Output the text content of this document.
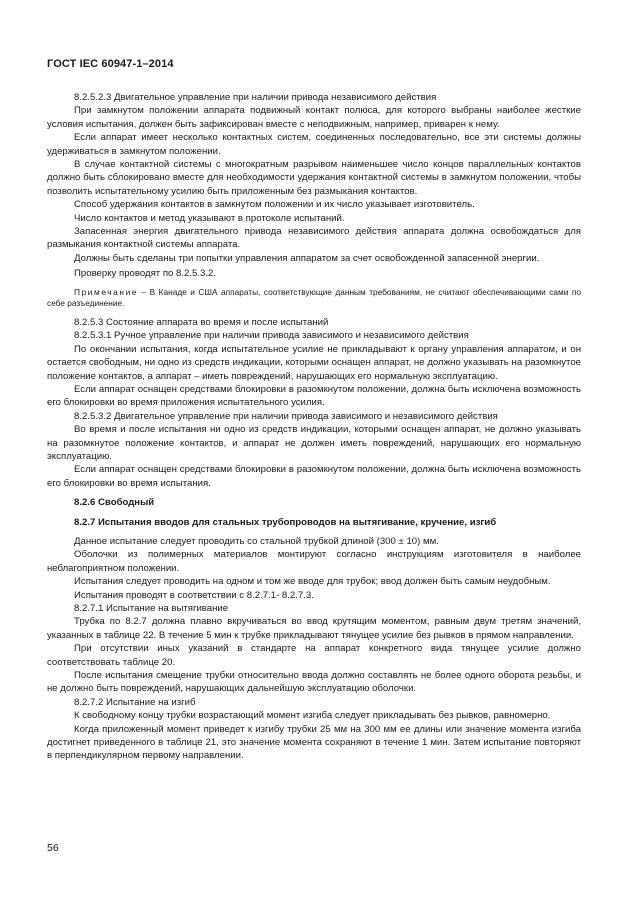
ГОСТ IEC 60947-1–2014

8.2.5.2.3 Двигательное управление при наличии привода независимого действия

При замкнутом положении аппарата подвижный контакт полюса, для которого выбраны наиболее жесткие условия испытания, должен быть зафиксирован вместе с неподвижным, например, приварен к нему.

Если аппарат имеет несколько контактных систем, соединенных последовательно, все эти системы должны удерживаться в замкнутом положении.

В случае контактной системы с многократным разрывом наименьшее число концов параллельных контактов должно быть сблокировано вместе для необходимости удержания контактной системы в замкнутом положении, чтобы позволить испытательному усилию быть приложенным без размыкания контактов.

Способ удержания контактов в замкнутом положении и их число указывает изготовитель.

Число контактов и метод указывают в протоколе испытаний.

Запасенная энергия двигательного привода независимого действия аппарата должна освобождаться для размыкания контактной системы аппарата.

Должны быть сделаны три попытки управления аппаратом за счет освобожденной запасенной энергии.

Проверку проводят по 8.2.5.3.2.

Примечание – В Канаде и США аппараты, соответствующие данным требованиям, не считают обеспечивающими сами по себе разъединение.

8.2.5.3 Состояние аппарата во время и после испытаний

8.2.5.3.1 Ручное управление при наличии привода зависимого и независимого действия

По окончании испытания, когда испытательное усилие не прикладывают к органу управления аппаратом, и он остается свободным, ни одно из средств индикации, которыми оснащен аппарат, не должно указывать на разомкнутое положение контактов, а аппарат – иметь повреждений, нарушающих его нормальную эксплуатацию.

Если аппарат оснащен средствами блокировки в разомкнутом положении, должна быть исключена возможность его блокировки во время приложения испытательного усилия.

8.2.5.3.2 Двигательное управление при наличии привода зависимого и независимого действия

Во время и после испытания ни одно из средств индикации, которыми оснащен аппарат, не должно указывать на разомкнутое положение контактов, и аппарат не должен иметь повреждений, нарушающих его нормальную эксплуатацию.

Если аппарат оснащен средствами блокировки в разомкнутом положении, должна быть исключена возможность его блокировки во время испытания.

8.2.6 Свободный

8.2.7 Испытания вводов для стальных трубопроводов на вытягивание, кручение, изгиб

Данное испытание следует проводить со стальной трубкой длиной (300 ± 10) мм.

Оболочки из полимерных материалов монтируют согласно инструкциям изготовителя в наиболее неблагоприятном положении.

Испытания следует проводить на одном и том же вводе для трубок; ввод должен быть самым неудобным.

Испытания проводят в соответствии с 8.2.7.1- 8.2.7.3.

8.2.7.1 Испытание на вытягивание

Трубка по 8.2.7 должна плавно вкручиваться во ввод крутящим моментом, равным двум третям значений, указанных в таблице 22. В течение 5 мин к трубке прикладывают тянущее усилие без рывков в прямом направлении.

При отсутствии иных указаний в стандарте на аппарат конкретного вида тянущее усилие должно соответствовать таблице 20.

После испытания смещение трубки относительно ввода должно составлять не более одного оборота резьбы, и не должно быть повреждений, нарушающих дальнейшую эксплуатацию оболочки.

8.2.7.2 Испытание на изгиб

К свободному концу трубки возрастающий момент изгиба следует прикладывать без рывков, равномерно.

Когда приложенный момент приведет к изгибу трубки 25 мм на 300 мм ее длины или значение момента изгиба достигнет приведенного в таблице 21, это значение момента сохраняют в течение 1 мин. Затем испытание повторяют в перпендикулярном первому направлении.

56
